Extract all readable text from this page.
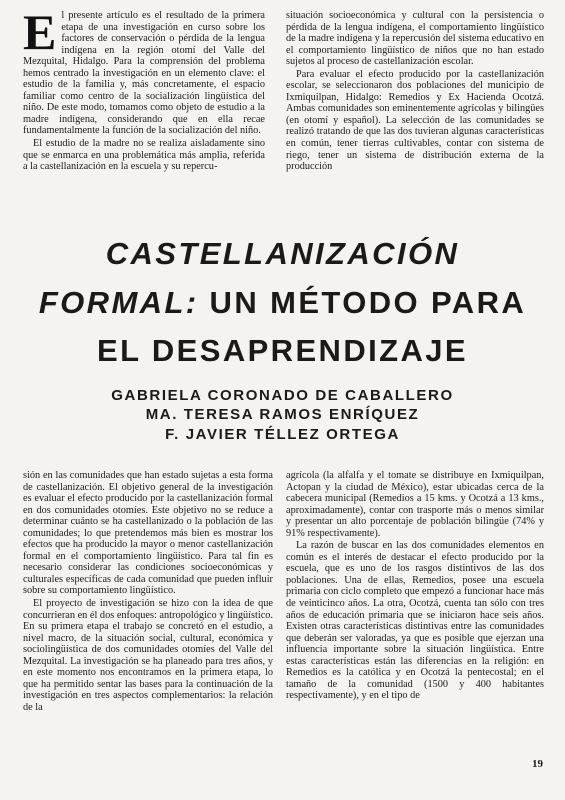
El presente artículo es el resultado de la primera etapa de una investigación en curso sobre los factores de conservación o pérdida de la lengua indígena en la región otomí del Valle del Mezquital, Hidalgo. Para la comprensión del problema hemos centrado la investigación en un elemento clave: el estudio de la familia y, más concretamente, el espacio familiar como centro de la socialización lingüística del niño. De este modo, tomamos como objeto de estudio a la madre indígena, considerando que en ella recae fundamentalmente la función de la socialización del niño.

El estudio de la madre no se realiza aisladamente sino que se enmarca en una problemática más amplia, referida a la castellanización en la escuela y su repercu-

situación socioeconómica y cultural con la persistencia o pérdida de la lengua indígena, el comportamiento lingüístico de la madre indígena y la repercusión del sistema educativo en el comportamiento lingüístico de niños que no han estado sujetos al proceso de castellanización escolar.

Para evaluar el efecto producido por la castellanización escolar, se seleccionaron dos poblaciones del municipio de Ixmiquilpan, Hidalgo: Remedios y Ex Hacienda Ocotzá. Ambas comunidades son eminentemente agrícolas y bilingües (en otomí y español). La selección de las comunidades se realizó tratando de que las dos tuvieran algunas características en común, tener tierras cultivables, contar con sistema de riego, tener un sistema de distribución externa de la producción

CASTELLANIZACIÓN
FORMAL: UN MÉTODO PARA
EL DESAPRENDIZAJE
GABRIELA CORONADO DE CABALLERO
MA. TERESA RAMOS ENRÍQUEZ
F. JAVIER TÉLLEZ ORTEGA

sión en las comunidades que han estado sujetas a esta forma de castellanización. El objetivo general de la investigación es evaluar el efecto producido por la castellanización formal en dos comunidades otomíes. Este objetivo no se reduce a determinar cuánto se ha castellanizado o la población de las comunidades; lo que pretendemos más bien es mostrar los efectos que ha producido la mayor o menor castellanización formal en el comportamiento lingüístico. Para tal fin es necesario considerar las condiciones socioeconómicas y culturales específicas de cada comunidad que pueden influir sobre su comportamiento lingüístico.

El proyecto de investigación se hizo con la idea de que concurrieran en él dos enfoques: antropológico y lingüístico. En su primera etapa el trabajo se concretó en el estudio, a nivel macro, de la situación social, cultural, económica y sociolingüística de dos comunidades otomíes del Valle del Mezquital. La investigación se ha planeado para tres años, y en este momento nos encontramos en la primera etapa, lo que ha permitido sentar las bases para la continuación de la investigación en tres aspectos complementarios: la relación de la

agrícola (la alfalfa y el tomate se distribuye en Ixmiquilpan, Actopan y la ciudad de México), estar ubicadas cerca de la cabecera municipal (Remedios a 15 kms. y Ocotzá a 13 kms., aproximadamente), contar con trasporte más o menos similar y presentar un alto porcentaje de población bilingüe (74% y 91% respectivamente).

La razón de buscar en las dos comunidades elementos en común es el interés de destacar el efecto producido por la escuela, que es uno de los rasgos distintivos de las dos poblaciones. Una de ellas, Remedios, posee una escuela primaria con ciclo completo que empezó a funcionar hace más de veinticinco años. La otra, Ocotzá, cuenta tan sólo con tres años de educación primaria que se iniciaron hace seis años. Existen otras características distintivas entre las comunidades que deberán ser valoradas, ya que es posible que ejerzan una influencia importante sobre la situación lingüística. Entre estas características están las diferencias en la religión: en Remedios es la católica y en Ocotzá la pentecostal; en el tamaño de la comunidad (1500 y 400 habitantes respectivamente), y en el tipo de

19
